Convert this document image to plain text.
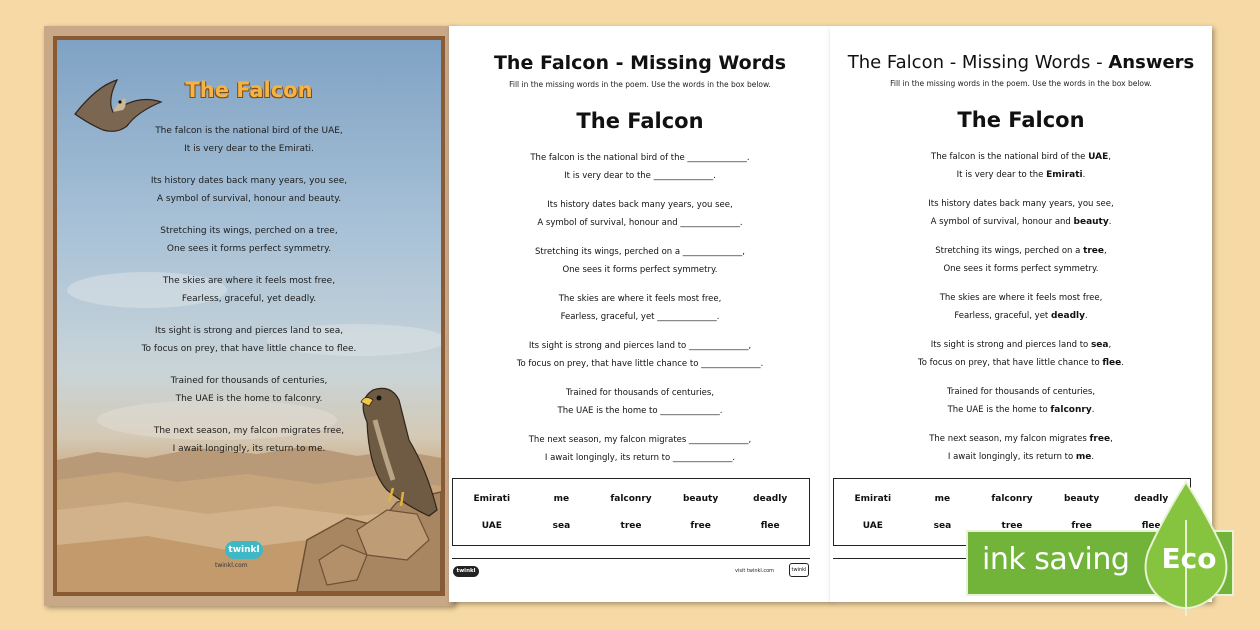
The Falcon
The falcon is the national bird of the UAE,
It is very dear to the Emirati.
Its history dates back many years, you see,
A symbol of survival, honour and beauty.
Stretching its wings, perched on a tree,
One sees it forms perfect symmetry.
The skies are where it feels most free,
Fearless, graceful, yet deadly.
Its sight is strong and pierces land to sea,
To focus on prey, that have little chance to flee.
Trained for thousands of centuries,
The UAE is the home to falconry.
The next season, my falcon migrates free,
I await longingly, its return to me.
twinkl
twinkl.com
The Falcon - Missing Words
Fill in the missing words in the poem. Use the words in the box below.
The Falcon
The falcon is the national bird of the ______________.
It is very dear to the ______________.
Its history dates back many years, you see,
A symbol of survival, honour and ______________.
Stretching its wings, perched on a ______________,
One sees it forms perfect symmetry.
The skies are where it feels most free,
Fearless, graceful, yet ______________.
Its sight is strong and pierces land to ______________,
To focus on prey, that have little chance to ______________.
Trained for thousands of centuries,
The UAE is the home to ______________.
The next season, my falcon migrates ______________,
I await longingly, its return to ______________.
Emirati	me	falconry	beauty	deadly
UAE	sea	tree	free	flee
twinkl	visit twinkl.com	twinkl
The Falcon - Missing Words - Answers
Fill in the missing words in the poem. Use the words in the box below.
The Falcon
The falcon is the national bird of the UAE,
It is very dear to the Emirati.
Its history dates back many years, you see,
A symbol of survival, honour and beauty.
Stretching its wings, perched on a tree,
One sees it forms perfect symmetry.
The skies are where it feels most free,
Fearless, graceful, yet deadly.
Its sight is strong and pierces land to sea,
To focus on prey, that have little chance to flee.
Trained for thousands of centuries,
The UAE is the home to falconry.
The next season, my falcon migrates free,
I await longingly, its return to me.
Emirati	me	falconry	beauty	deadly
UAE	sea	tree	free	flee
ink saving Eco
